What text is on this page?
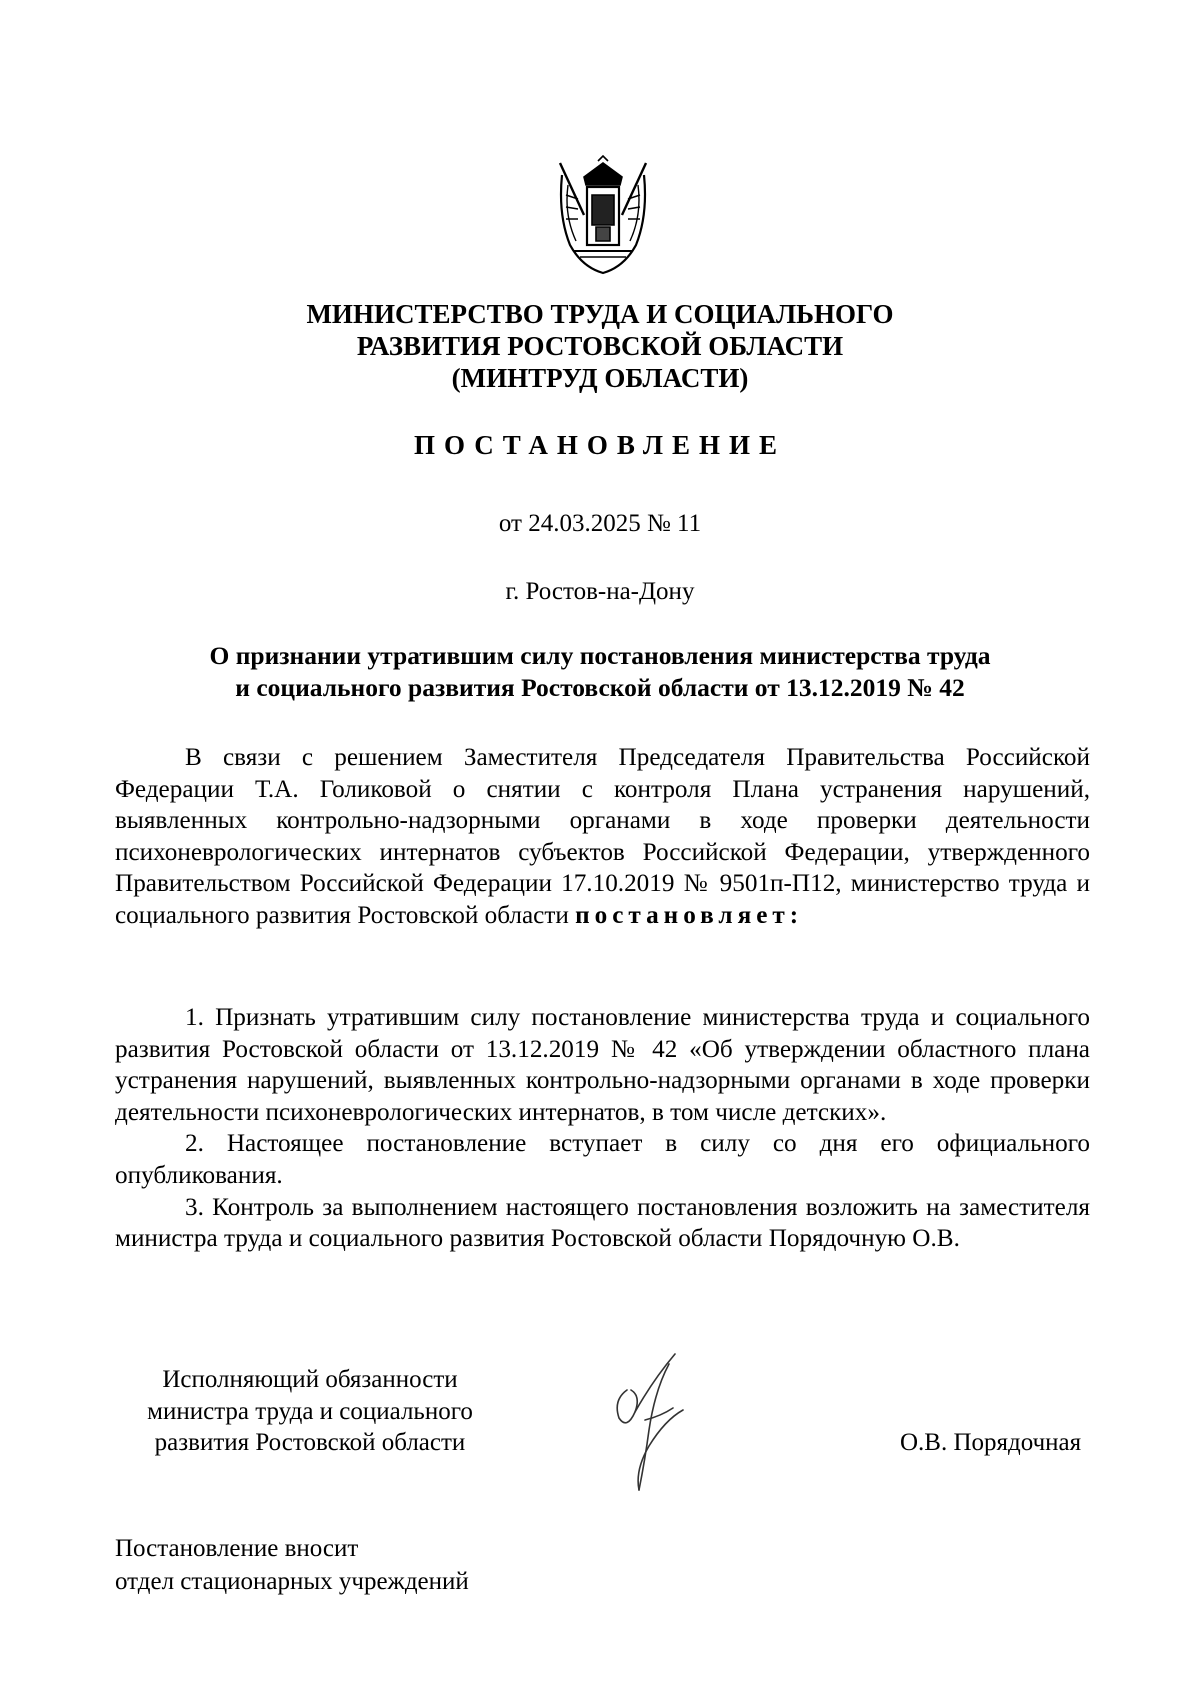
МИНИСТЕРСТВО ТРУДА И СОЦИАЛЬНОГО
РАЗВИТИЯ РОСТОВСКОЙ ОБЛАСТИ
(МИНТРУД ОБЛАСТИ)
ПОСТАНОВЛЕНИЕ
от 24.03.2025 № 11
г. Ростов-на-Дону
О признании утратившим силу постановления министерства труда
и социального развития Ростовской области от 13.12.2019 № 42

В связи с решением Заместителя Председателя Правительства Российской Федерации Т.А. Голиковой о снятии с контроля Плана устранения нарушений, выявленных контрольно-надзорными органами в ходе проверки деятельности психоневрологических интернатов субъектов Российской Федерации, утвержденного Правительством Российской Федерации 17.10.2019 № 9501п-П12, министерство труда и социального развития Ростовской области постановляет:

1. Признать утратившим силу постановление министерства труда и социального развития Ростовской области от 13.12.2019 № 42 «Об утверждении областного плана устранения нарушений, выявленных контрольно-надзорными органами в ходе проверки деятельности психоневрологических интернатов, в том числе детских».

2. Настоящее постановление вступает в силу со дня его официального опубликования.

3. Контроль за выполнением настоящего постановления возложить на заместителя министра труда и социального развития Ростовской области Порядочную О.В.

Исполняющий обязанности
министра труда и социального
развития Ростовской области	О.В. Порядочная
Постановление вносит
отдел стационарных учреждений
